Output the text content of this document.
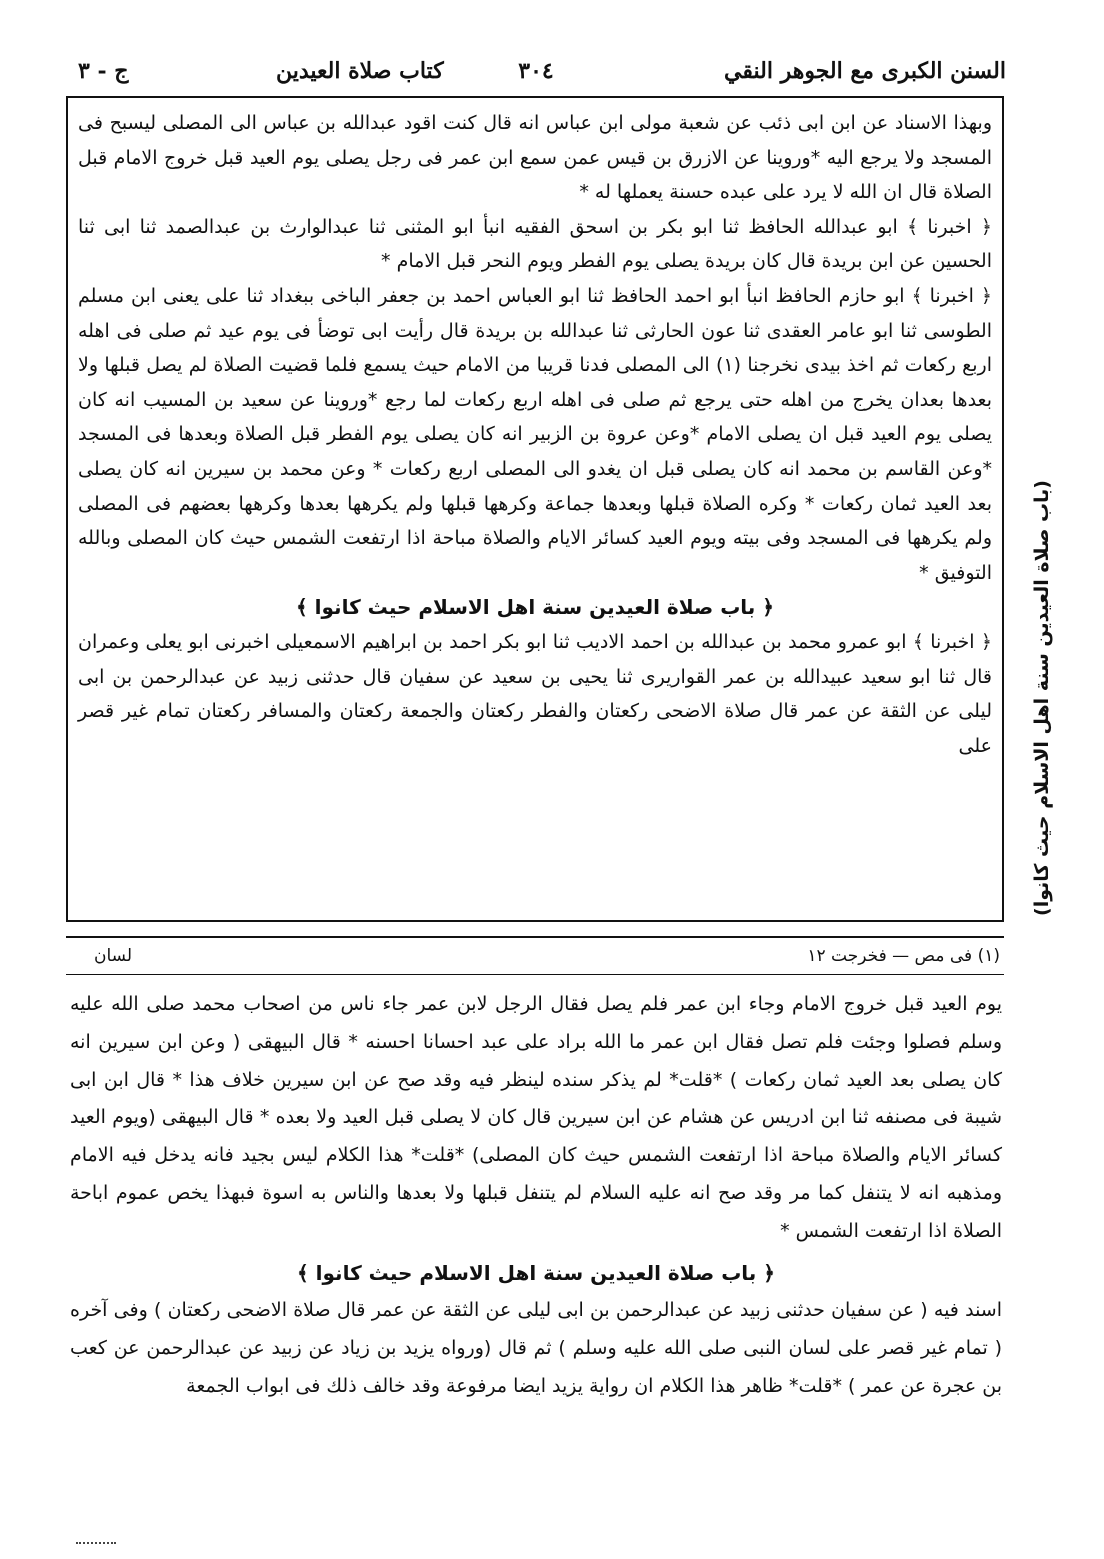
السنن الكبرى مع الجوهر النقي
٣٠٤
كتاب صلاة العيدين
ج - ٣

وبهذا الاسناد عن ابن ابى ذئب عن شعبة مولى ابن عباس انه قال كنت اقود عبدالله بن عباس الى المصلى ليسبح فى المسجد ولا يرجع اليه *وروينا عن الازرق بن قيس عمن سمع ابن عمر فى رجل يصلى يوم العيد قبل خروج الامام قبل الصلاة قال ان الله لا يرد على عبده حسنة يعملها له *

﴿ اخبرنا ﴾ ابو عبدالله الحافظ ثنا ابو بكر بن اسحق الفقيه انبأ ابو المثنى ثنا عبدالوارث بن عبدالصمد ثنا ابى ثنا الحسين عن ابن بريدة قال كان بريدة يصلى يوم الفطر ويوم النحر قبل الامام *

﴿ اخبرنا ﴾ ابو حازم الحافظ انبأ ابو احمد الحافظ ثنا ابو العباس احمد بن جعفر الباخى ببغداد ثنا على يعنى ابن مسلم الطوسى ثنا ابو عامر العقدى ثنا عون الحارثى ثنا عبدالله بن بريدة قال رأيت ابى توضأ فى يوم عيد ثم صلى فى اهله اربع ركعات ثم اخذ بيدى نخرجنا (١) الى المصلى فدنا قريبا من الامام حيث يسمع فلما قضيت الصلاة لم يصل قبلها ولا بعدها بعدان يخرج من اهله حتى يرجع ثم صلى فى اهله اربع ركعات لما رجع *وروينا عن سعيد بن المسيب انه كان يصلى يوم العيد قبل ان يصلى الامام *وعن عروة بن الزبير انه كان يصلى يوم الفطر قبل الصلاة وبعدها فى المسجد *وعن القاسم بن محمد انه كان يصلى قبل ان يغدو الى المصلى اربع ركعات * وعن محمد بن سيرين انه كان يصلى بعد العيد ثمان ركعات * وكره الصلاة قبلها وبعدها جماعة وكرهها قبلها ولم يكرهها بعدها وكرهها بعضهم فى المصلى ولم يكرهها فى المسجد وفى بيته ويوم العيد كسائر الايام والصلاة مباحة اذا ارتفعت الشمس حيث كان المصلى وبالله التوفيق *

﴿ باب صلاة العيدين سنة اهل الاسلام حيث كانوا ﴾

﴿ اخبرنا ﴾ ابو عمرو محمد بن عبدالله بن احمد الاديب ثنا ابو بكر احمد بن ابراهيم الاسمعيلى اخبرنى ابو يعلى وعمران قال ثنا ابو سعيد عبيدالله بن عمر القواريرى ثنا يحيى بن سعيد عن سفيان قال حدثنى زبيد عن عبدالرحمن بن ابى ليلى عن الثقة عن عمر قال صلاة الاضحى ركعتان والفطر ركعتان والجمعة ركعتان والمسافر ركعتان تمام غير قصر على (باب صلاة العيدين سنة اهل الاسلام حيث كانوا)
(١) فى مص — فخرجت ١٢
لسان

يوم العيد قبل خروج الامام وجاء ابن عمر فلم يصل فقال الرجل لابن عمر جاء ناس من اصحاب محمد صلى الله عليه وسلم فصلوا وجئت فلم تصل فقال ابن عمر ما الله براد على عبد احسانا احسنه * قال البيهقى ( وعن ابن سيرين انه كان يصلى بعد العيد ثمان ركعات ) *قلت* لم يذكر سنده لينظر فيه وقد صح عن ابن سيرين خلاف هذا * قال ابن ابى شيبة فى مصنفه ثنا ابن ادريس عن هشام عن ابن سيرين قال كان لا يصلى قبل العيد ولا بعده * قال البيهقى (ويوم العيد كسائر الايام والصلاة مباحة اذا ارتفعت الشمس حيث كان المصلى) *قلت* هذا الكلام ليس بجيد فانه يدخل فيه الامام ومذهبه انه لا يتنفل كما مر وقد صح انه عليه السلام لم يتنفل قبلها ولا بعدها والناس به اسوة فبهذا يخص عموم اباحة الصلاة اذا ارتفعت الشمس *

﴿ باب صلاة العيدين سنة اهل الاسلام حيث كانوا ﴾

اسند فيه ( عن سفيان حدثنى زبيد عن عبدالرحمن بن ابى ليلى عن الثقة عن عمر قال صلاة الاضحى ركعتان ) وفى آخره ( تمام غير قصر على لسان النبى صلى الله عليه وسلم ) ثم قال (ورواه يزيد بن زياد عن زبيد عن عبدالرحمن عن كعب بن عجرة عن عمر ) *قلت* ظاهر هذا الكلام ان رواية يزيد ايضا مرفوعة وقد خالف ذلك فى ابواب الجمعة
